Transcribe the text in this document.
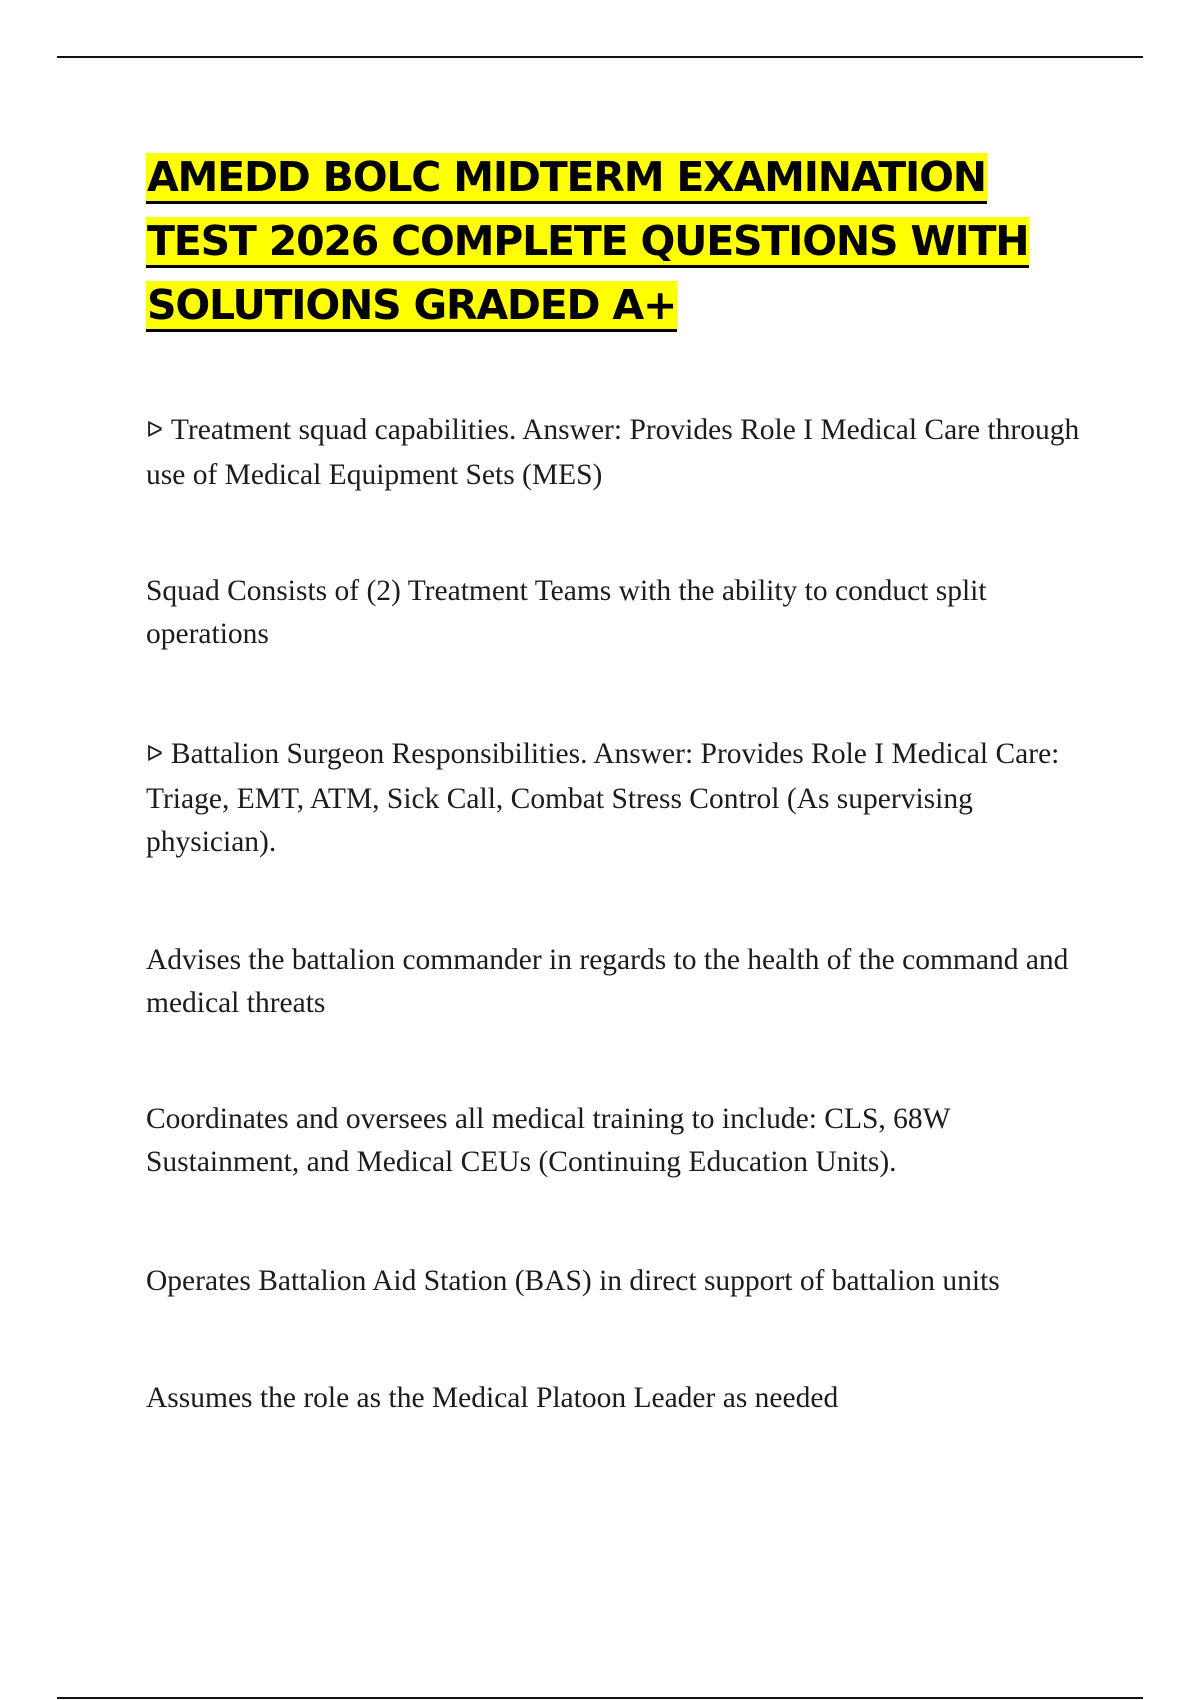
AMEDD BOLC MIDTERM EXAMINATION
TEST 2026 COMPLETE QUESTIONS WITH
SOLUTIONS GRADED A+

ᐅ Treatment squad capabilities. Answer: Provides Role I Medical Care through use of Medical Equipment Sets (MES)

Squad Consists of (2) Treatment Teams with the ability to conduct split operations

ᐅ Battalion Surgeon Responsibilities. Answer: Provides Role I Medical Care: Triage, EMT, ATM, Sick Call, Combat Stress Control (As supervising physician).

Advises the battalion commander in regards to the health of the command and medical threats

Coordinates and oversees all medical training to include: CLS, 68W Sustainment, and Medical CEUs (Continuing Education Units).

Operates Battalion Aid Station (BAS) in direct support of battalion units

Assumes the role as the Medical Platoon Leader as needed
